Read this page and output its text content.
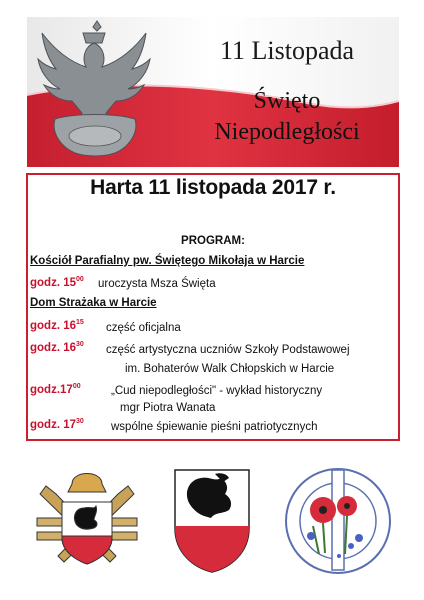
11 Listopada
Święto
Niepodległości
Harta 11 listopada 2017 r.
PROGRAM:
Kościół Parafialny pw. Świętego Mikołaja w Harcie
godz. $15^{00}$ uroczysta Msza Święta
Dom Strażaka w Harcie
godz. $16^{15}$ część oficjalna
godz. $16^{30}$ część artystyczna uczniów Szkoły Podstawowej
im. Bohaterów Walk Chłopskich w Harcie
$godz.17^{00}$	„Cud niepodległości" - wykład historyczny
mgr Piotra Wanata
godz. $17^{30}$ wspólne śpiewanie pieśni patriotycznych
